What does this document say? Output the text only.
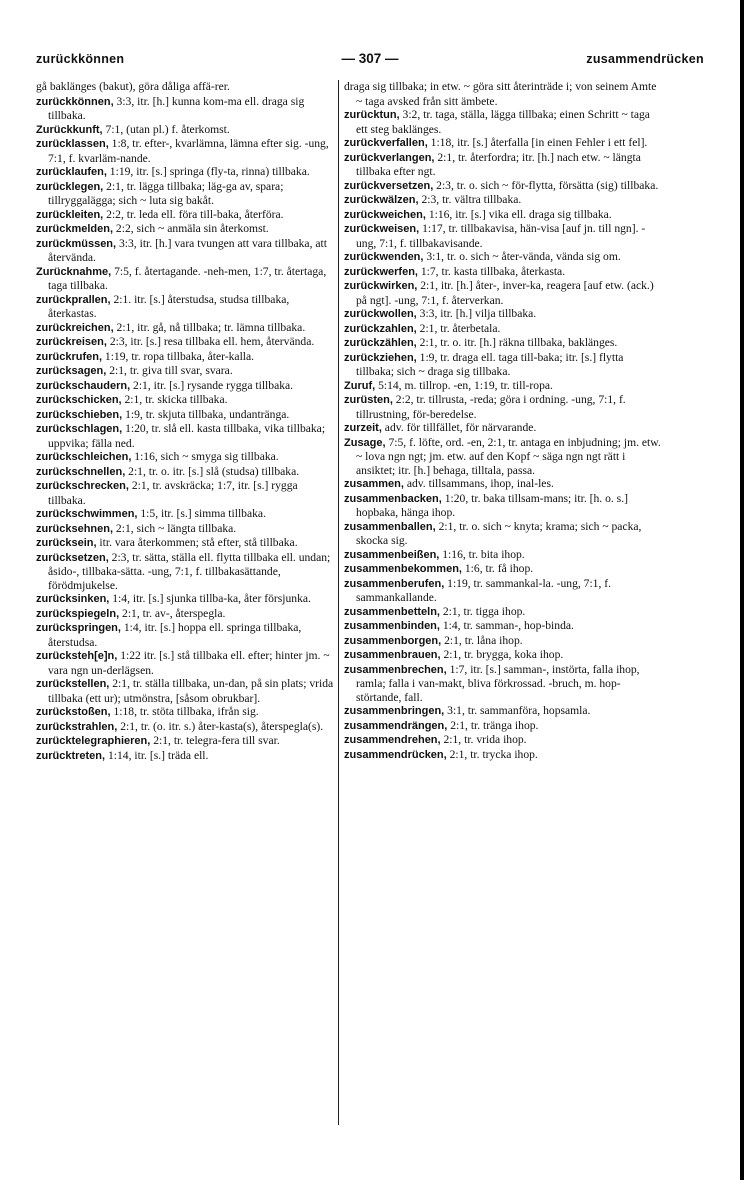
zurückkönnen	— 307 —	zusammendrücken

gå baklänges (bakut), göra dåliga affä-rer.

zurückkönnen, 3:3, itr. [h.] kunna kom-ma ell. draga sig tillbaka.

Zurückkunft, 7:1, (utan pl.) f. återkomst.

zurücklassen, 1:8, tr. efter-, kvarlämna, lämna efter sig. -ung, 7:1, f. kvarläm-nande.

zurücklaufen, 1:19, itr. [s.] springa (fly-ta, rinna) tillbaka.

zurücklegen, 2:1, tr. lägga tillbaka; läg-ga av, spara; tillryggalägga; sich ~ luta sig bakåt.

zurückleiten, 2:2, tr. leda ell. föra till-baka, återföra.

zurückmelden, 2:2, sich ~ anmäla sin återkomst.

zurückmüssen, 3:3, itr. [h.] vara tvungen att vara tillbaka, att återvända.

Zurücknahme, 7:5, f. återtagande. -neh-men, 1:7, tr. återtaga, taga tillbaka.

zurückprallen, 2:1. itr. [s.] återstudsa, studsa tillbaka, återkastas.

zurückreichen, 2:1, itr. gå, nå tillbaka; tr. lämna tillbaka.

zurückreisen, 2:3, itr. [s.] resa tillbaka ell. hem, återvända.

zurückrufen, 1:19, tr. ropa tillbaka, åter-kalla.

zurücksagen, 2:1, tr. giva till svar, svara.

zurückschaudern, 2:1, itr. [s.] rysande rygga tillbaka.

zurückschicken, 2:1, tr. skicka tillbaka.

zurückschieben, 1:9, tr. skjuta tillbaka, undantränga.

zurückschlagen, 1:20, tr. slå ell. kasta tillbaka, vika tillbaka; uppvika; fälla ned.

zurückschleichen, 1:16, sich ~ smyga sig tillbaka.

zurückschnellen, 2:1, tr. o. itr. [s.] slå (studsa) tillbaka.

zurückschrecken, 2:1, tr. avskräcka; 1:7, itr. [s.] rygga tillbaka.

zurückschwimmen, 1:5, itr. [s.] simma tillbaka.

zurücksehnen, 2:1, sich ~ längta tillbaka.

zurücksein, itr. vara återkommen; stå efter, stå tillbaka.

zurücksetzen, 2:3, tr. sätta, ställa ell. flytta tillbaka ell. undan; åsido-, tillbaka-sätta. -ung, 7:1, f. tillbakasättande, förödmjukelse.

zurücksinken, 1:4, itr. [s.] sjunka tillba-ka, åter försjunka.

zurückspiegeln, 2:1, tr. av-, återspegla.

zurückspringen, 1:4, itr. [s.] hoppa ell. springa tillbaka, återstudsa.

zurücksteh[e]n, 1:22 itr. [s.] stå tillbaka ell. efter; hinter jm. ~ vara ngn un-derlägsen.

zurückstellen, 2:1, tr. ställa tillbaka, un-dan, på sin plats; vrida tillbaka (ett ur); utmönstra, [såsom obrukbar].

zurückstoßen, 1:18, tr. stöta tillbaka, ifrån sig.

zurückstrahlen, 2:1, tr. (o. itr. s.) åter-kasta(s), återspegla(s).

zurücktelegraphieren, 2:1, tr. telegra-fera till svar.

zurücktreten, 1:14, itr. [s.] träda ell.

draga sig tillbaka; in etw. ~ göra sitt återinträde i; von seinem Amte ~ taga avsked från sitt ämbete.

zurücktun, 3:2, tr. taga, ställa, lägga tillbaka; einen Schritt ~ taga ett steg baklänges.

zurückverfallen, 1:18, itr. [s.] återfalla [in einen Fehler i ett fel].

zurückverlangen, 2:1, tr. återfordra; itr. [h.] nach etw. ~ längta tillbaka efter ngt.

zurückversetzen, 2:3, tr. o. sich ~ för-flytta, försätta (sig) tillbaka.

zurückwälzen, 2:3, tr. vältra tillbaka.

zurückweichen, 1:16, itr. [s.] vika ell. draga sig tillbaka.

zurückweisen, 1:17, tr. tillbakavisa, hän-visa [auf jn. till ngn]. -ung, 7:1, f. tillbakavisande.

zurückwenden, 3:1, tr. o. sich ~ åter-vända, vända sig om.

zurückwerfen, 1:7, tr. kasta tillbaka, återkasta.

zurückwirken, 2:1, itr. [h.] åter-, inver-ka, reagera [auf etw. (ack.) på ngt]. -ung, 7:1, f. återverkan.

zurückwollen, 3:3, itr. [h.] vilja tillbaka.

zurückzahlen, 2:1, tr. återbetala.

zurückzählen, 2:1, tr. o. itr. [h.] räkna tillbaka, baklänges.

zurückziehen, 1:9, tr. draga ell. taga till-baka; itr. [s.] flytta tillbaka; sich ~ draga sig tillbaka.

Zuruf, 5:14, m. tillrop. -en, 1:19, tr. till-ropa.

zurüsten, 2:2, tr. tillrusta, -reda; göra i ordning. -ung, 7:1, f. tillrustning, för-beredelse.

zurzeit, adv. för tillfället, för närvarande.

Zusage, 7:5, f. löfte, ord. -en, 2:1, tr. antaga en inbjudning; jm. etw. ~ lova ngn ngt; jm. etw. auf den Kopf ~ säga ngn ngt rätt i ansiktet; itr. [h.] behaga, tilltala, passa.

zusammen, adv. tillsammans, ihop, inal-les.

zusammenbacken, 1:20, tr. baka tillsam-mans; itr. [h. o. s.] hopbaka, hänga ihop.

zusammenballen, 2:1, tr. o. sich ~ knyta; krama; sich ~ packa, skocka sig.

zusammenbeißen, 1:16, tr. bita ihop.

zusammenbekommen, 1:6, tr. få ihop.

zusammenberufen, 1:19, tr. sammankal-la. -ung, 7:1, f. sammankallande.

zusammenbetteln, 2:1, tr. tigga ihop.

zusammenbinden, 1:4, tr. samman-, hop-binda.

zusammenborgen, 2:1, tr. låna ihop.

zusammenbrauen, 2:1, tr. brygga, koka ihop.

zusammenbrechen, 1:7, itr. [s.] samman-, instörta, falla ihop, ramla; falla i van-makt, bliva förkrossad. -bruch, m. hop-störtande, fall.

zusammenbringen, 3:1, tr. sammanföra, hopsamla.

zusammendrängen, 2:1, tr. tränga ihop.

zusammendrehen, 2:1, tr. vrida ihop.

zusammendrücken, 2:1, tr. trycka ihop.
